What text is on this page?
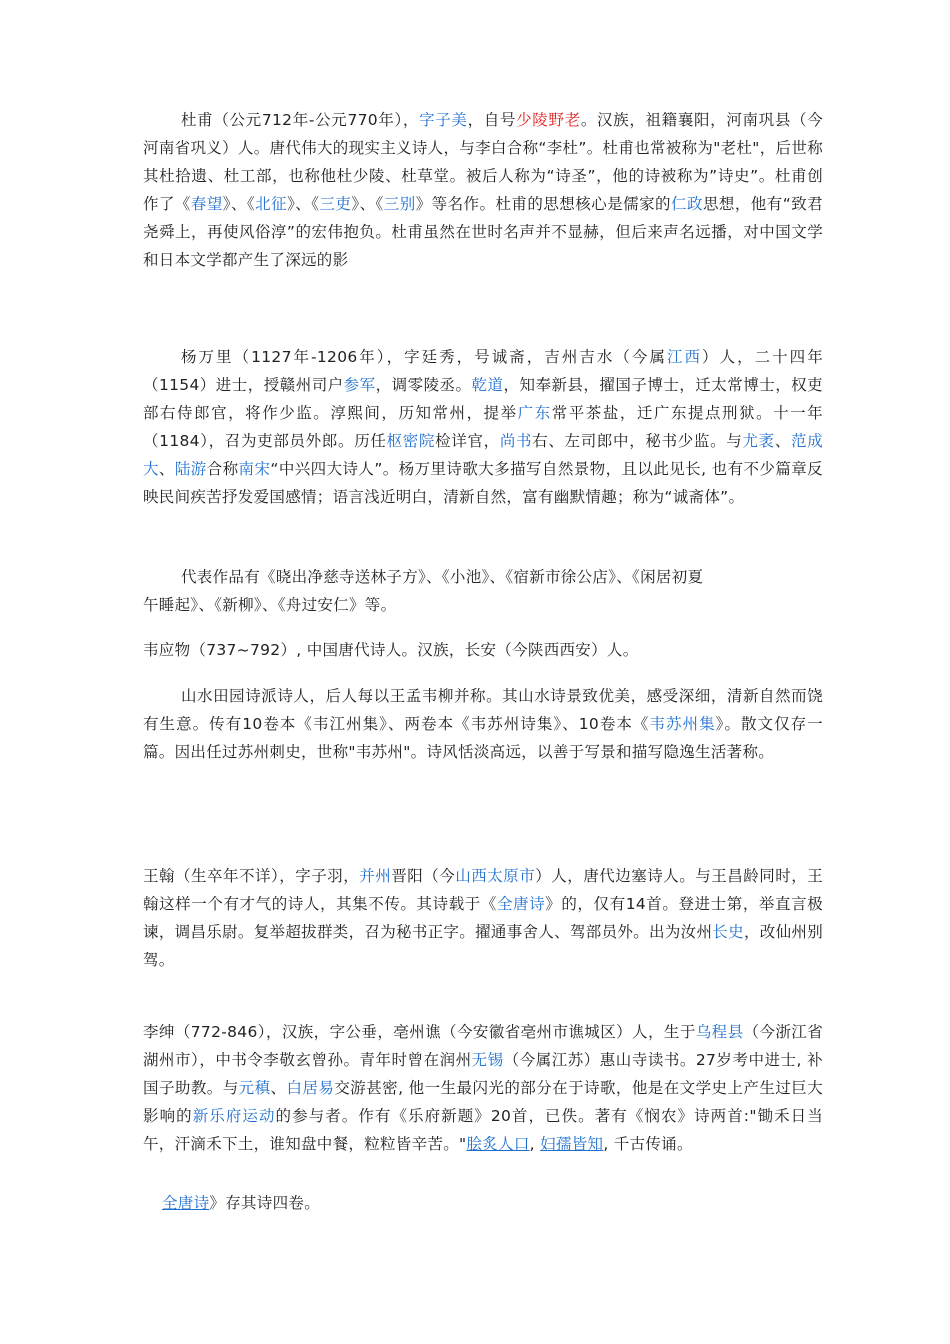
杜甫（公元712年-公元770年），字子美，自号少陵野老。汉族，祖籍襄阳，河南巩县（今河南省巩义）人。唐代伟大的现实主义诗人，与李白合称“李杜”。杜甫也常被称为"老杜"，后世称其杜拾遗、杜工部，也称他杜少陵、杜草堂。被后人称为“诗圣”，他的诗被称为”诗史”。杜甫创作了《春望》、《北征》、《三吏》、《三别》等名作。杜甫的思想核心是儒家的仁政思想，他有“致君尧舜上，再使风俗淳”的宏伟抱负。杜甫虽然在世时名声并不显赫，但后来声名远播，对中国文学和日本文学都产生了深远的影

杨万里（1127年-1206年），字廷秀，号诚斋，吉州吉水（今属江西）人，二十四年（1154）进士，授赣州司户参军，调零陵丞。乾道，知奉新县，擢国子博士，迁太常博士，权吏部右侍郎官，将作少监。淳熙间，历知常州，提举广东常平茶盐，迁广东提点刑狱。十一年（1184），召为吏部员外郎。历任枢密院检详官，尚书右、左司郎中，秘书少监。与尤袤、范成大、陆游合称南宋“中兴四大诗人”。杨万里诗歌大多描写自然景物，且以此见长, 也有不少篇章反映民间疾苦抒发爱国感情；语言浅近明白，清新自然，富有幽默情趣；称为“诚斋体”。

代表作品有《晓出净慈寺送林子方》、《小池》、《宿新市徐公店》、《闲居初夏
午睡起》、《新柳》、《舟过安仁》等。

韦应物（737~792）, 中国唐代诗人。汉族，长安（今陕西西安）人。

山水田园诗派诗人，后人每以王孟韦柳并称。其山水诗景致优美，感受深细，清新自然而饶有生意。传有10卷本《韦江州集》、两卷本《韦苏州诗集》、10卷本《韦苏州集》。散文仅存一篇。因出任过苏州刺史，世称"韦苏州"。诗风恬淡高远，以善于写景和描写隐逸生活著称。

王翰（生卒年不详），字子羽，并州晋阳（今山西太原市）人，唐代边塞诗人。与王昌龄同时，王翰这样一个有才气的诗人，其集不传。其诗载于《全唐诗》的，仅有14首。登进士第，举直言极谏，调昌乐尉。复举超拔群类，召为秘书正字。擢通事舍人、驾部员外。出为汝州长史，改仙州别驾。

李绅（772-846），汉族，字公垂，亳州谯（今安徽省亳州市谯城区）人，生于乌程县（今浙江省湖州市），中书令李敬玄曾孙。青年时曾在润州无锡（今属江苏）惠山寺读书。27岁考中进士, 补国子助教。与元稹、白居易交游甚密, 他一生最闪光的部分在于诗歌，他是在文学史上产生过巨大影响的新乐府运动的参与者。作有《乐府新题》20首，已佚。著有《悯农》诗两首:"锄禾日当午，汗滴禾下土，谁知盘中餐，粒粒皆辛苦。"脍炙人口, 妇孺皆知, 千古传诵。

全唐诗》存其诗四卷。
